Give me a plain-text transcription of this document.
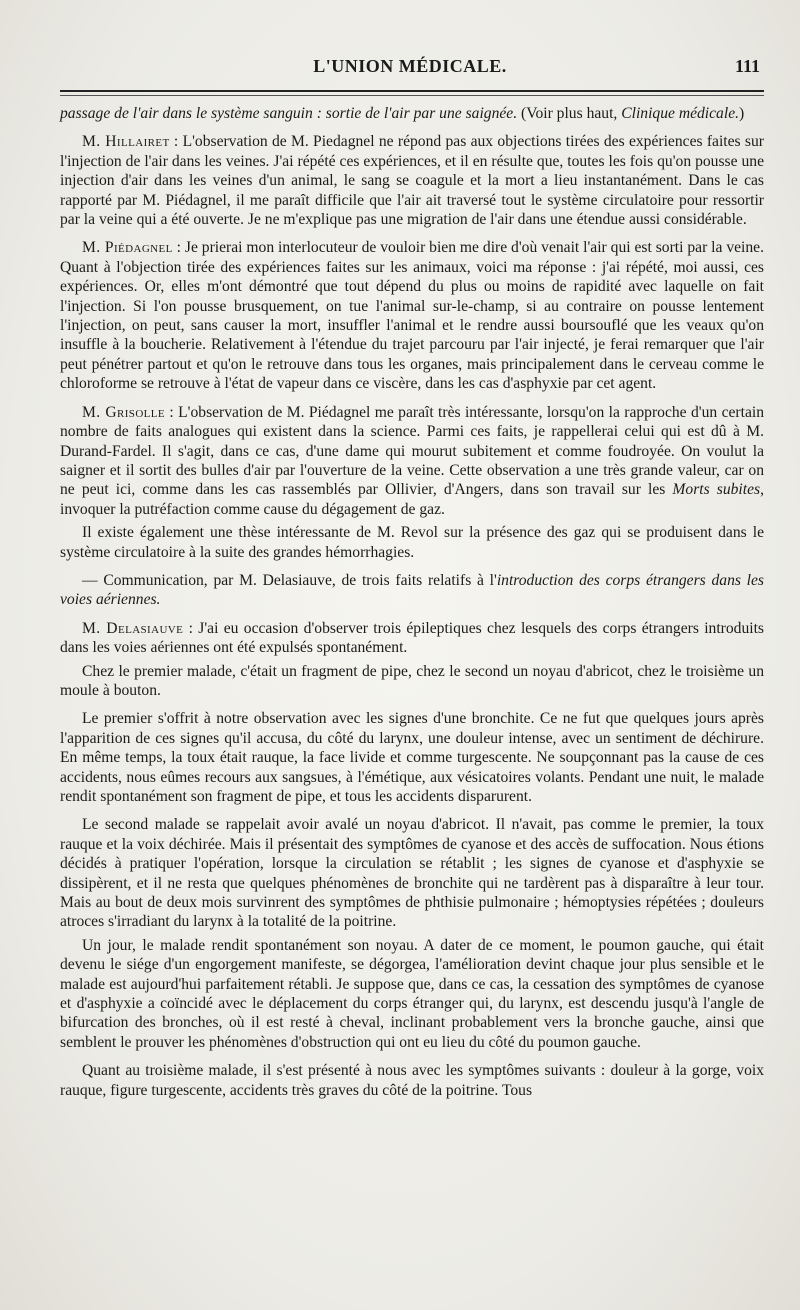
L'UNION MÉDICALE.	111

passage de l'air dans le système sanguin : sortie de l'air par une saignée. (Voir plus haut, Clinique médicale.)

M. Hillairet : L'observation de M. Piedagnel ne répond pas aux objections tirées des expériences faites sur l'injection de l'air dans les veines. J'ai répété ces expériences, et il en résulte que, toutes les fois qu'on pousse une injection d'air dans les veines d'un animal, le sang se coagule et la mort a lieu instantanément. Dans le cas rapporté par M. Piédagnel, il me paraît difficile que l'air ait traversé tout le système circulatoire pour ressortir par la veine qui a été ouverte. Je ne m'explique pas une migration de l'air dans une étendue aussi considérable.

M. Piédagnel : Je prierai mon interlocuteur de vouloir bien me dire d'où venait l'air qui est sorti par la veine. Quant à l'objection tirée des expériences faites sur les animaux, voici ma réponse : j'ai répété, moi aussi, ces expériences. Or, elles m'ont démontré que tout dépend du plus ou moins de rapidité avec laquelle on fait l'injection. Si l'on pousse brusquement, on tue l'animal sur-le-champ, si au contraire on pousse lentement l'injection, on peut, sans causer la mort, insuffler l'animal et le rendre aussi boursouflé que les veaux qu'on insuffle à la boucherie. Relativement à l'étendue du trajet parcouru par l'air injecté, je ferai remarquer que l'air peut pénétrer partout et qu'on le retrouve dans tous les organes, mais principalement dans le cerveau comme le chloroforme se retrouve à l'état de vapeur dans ce viscère, dans les cas d'asphyxie par cet agent.

M. Grisolle : L'observation de M. Piédagnel me paraît très intéressante, lorsqu'on la rapproche d'un certain nombre de faits analogues qui existent dans la science. Parmi ces faits, je rappellerai celui qui est dû à M. Durand-Fardel. Il s'agit, dans ce cas, d'une dame qui mourut subitement et comme foudroyée. On voulut la saigner et il sortit des bulles d'air par l'ouverture de la veine. Cette observation a une très grande valeur, car on ne peut ici, comme dans les cas rassemblés par Ollivier, d'Angers, dans son travail sur les Morts subites, invoquer la putréfaction comme cause du dégagement de gaz.

Il existe également une thèse intéressante de M. Revol sur la présence des gaz qui se produisent dans le système circulatoire à la suite des grandes hémorrhagies.

— Communication, par M. Delasiauve, de trois faits relatifs à l'introduction des corps étrangers dans les voies aériennes.

M. Delasiauve : J'ai eu occasion d'observer trois épileptiques chez lesquels des corps étrangers introduits dans les voies aériennes ont été expulsés spontanément.

Chez le premier malade, c'était un fragment de pipe, chez le second un noyau d'abricot, chez le troisième un moule à bouton.

Le premier s'offrit à notre observation avec les signes d'une bronchite. Ce ne fut que quelques jours après l'apparition de ces signes qu'il accusa, du côté du larynx, une douleur intense, avec un sentiment de déchirure. En même temps, la toux était rauque, la face livide et comme turgescente. Ne soupçonnant pas la cause de ces accidents, nous eûmes recours aux sangsues, à l'émétique, aux vésicatoires volants. Pendant une nuit, le malade rendit spontanément son fragment de pipe, et tous les accidents disparurent.

Le second malade se rappelait avoir avalé un noyau d'abricot. Il n'avait, pas comme le premier, la toux rauque et la voix déchirée. Mais il présentait des symptômes de cyanose et des accès de suffocation. Nous étions décidés à pratiquer l'opération, lorsque la circulation se rétablit ; les signes de cyanose et d'asphyxie se dissipèrent, et il ne resta que quelques phénomènes de bronchite qui ne tardèrent pas à disparaître à leur tour. Mais au bout de deux mois survinrent des symptômes de phthisie pulmonaire ; hémoptysies répétées ; douleurs atroces s'irradiant du larynx à la totalité de la poitrine.

Un jour, le malade rendit spontanément son noyau. A dater de ce moment, le poumon gauche, qui était devenu le siége d'un engorgement manifeste, se dégorgea, l'amélioration devint chaque jour plus sensible et le malade est aujourd'hui parfaitement rétabli. Je suppose que, dans ce cas, la cessation des symptômes de cyanose et d'asphyxie a coïncidé avec le déplacement du corps étranger qui, du larynx, est descendu jusqu'à l'angle de bifurcation des bronches, où il est resté à cheval, inclinant probablement vers la bronche gauche, ainsi que semblent le prouver les phénomènes d'obstruction qui ont eu lieu du côté du poumon gauche.

Quant au troisième malade, il s'est présenté à nous avec les symptômes suivants : douleur à la gorge, voix rauque, figure turgescente, accidents très graves du côté de la poitrine. Tous
